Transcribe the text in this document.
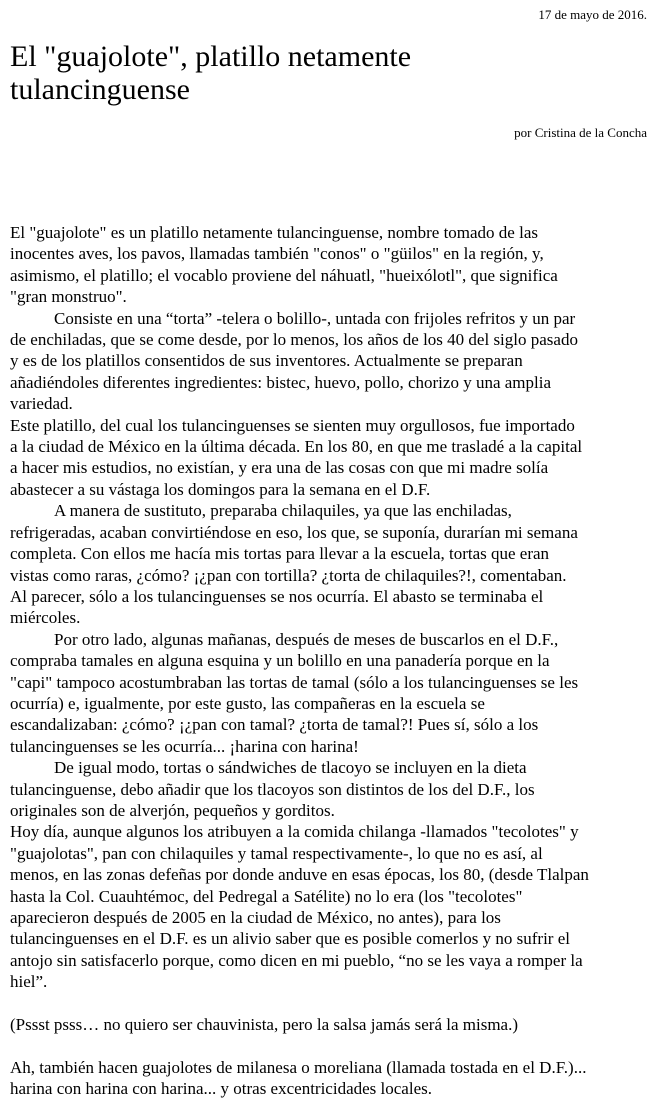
17 de mayo de 2016.
El "guajolote", platillo netamente tulancinguense
por Cristina de la Concha

El "guajolote" es un platillo netamente tulancinguense, nombre tomado de las
inocentes aves, los pavos, llamadas también "conos" o "güilos" en la región, y,
asimismo, el platillo; el vocablo proviene del náhuatl, "hueixólotl", que significa
"gran monstruo".

Consiste en una “torta” -telera o bolillo-, untada con frijoles refritos y un par
de enchiladas, que se come desde, por lo menos, los años de los 40 del siglo pasado
y es de los platillos consentidos de sus inventores. Actualmente se preparan
añadiéndoles diferentes ingredientes: bistec, huevo, pollo, chorizo y una amplia
variedad.

Este platillo, del cual los tulancinguenses se sienten muy orgullosos, fue importado
a la ciudad de México en la última década. En los 80, en que me trasladé a la capital
a hacer mis estudios, no existían, y era una de las cosas con que mi madre solía
abastecer a su vástaga los domingos para la semana en el D.F.

A manera de sustituto, preparaba chilaquiles, ya que las enchiladas,
refrigeradas, acaban convirtiéndose en eso, los que, se suponía, durarían mi semana
completa. Con ellos me hacía mis tortas para llevar a la escuela, tortas que eran
vistas como raras, ¿cómo? ¡¿pan con tortilla? ¿torta de chilaquiles?!, comentaban.
Al parecer, sólo a los tulancinguenses se nos ocurría. El abasto se terminaba el
miércoles.

Por otro lado, algunas mañanas, después de meses de buscarlos en el D.F.,
compraba tamales en alguna esquina y un bolillo en una panadería porque en la
"capi" tampoco acostumbraban las tortas de tamal (sólo a los tulancinguenses se les
ocurría) e, igualmente, por este gusto, las compañeras en la escuela se
escandalizaban: ¿cómo? ¡¿pan con tamal? ¿torta de tamal?! Pues sí, sólo a los
tulancinguenses se les ocurría... ¡harina con harina!

De igual modo, tortas o sándwiches de tlacoyo se incluyen en la dieta
tulancinguense, debo añadir que los tlacoyos son distintos de los del D.F., los
originales son de alverjón, pequeños y gorditos.

Hoy día, aunque algunos los atribuyen a la comida chilanga -llamados "tecolotes" y
"guajolotas", pan con chilaquiles y tamal respectivamente-, lo que no es así, al
menos, en las zonas defeñas por donde anduve en esas épocas, los 80, (desde Tlalpan
hasta la Col. Cuauhtémoc, del Pedregal a Satélite) no lo era (los "tecolotes"
aparecieron después de 2005 en la ciudad de México, no antes), para los
tulancinguenses en el D.F. es un alivio saber que es posible comerlos y no sufrir el
antojo sin satisfacerlo porque, como dicen en mi pueblo, “no se les vaya a romper la
hiel”.

(Pssst psss… no quiero ser chauvinista, pero la salsa jamás será la misma.)

Ah, también hacen guajolotes de milanesa o moreliana (llamada tostada en el D.F.)...
harina con harina con harina... y otras excentricidades locales.
